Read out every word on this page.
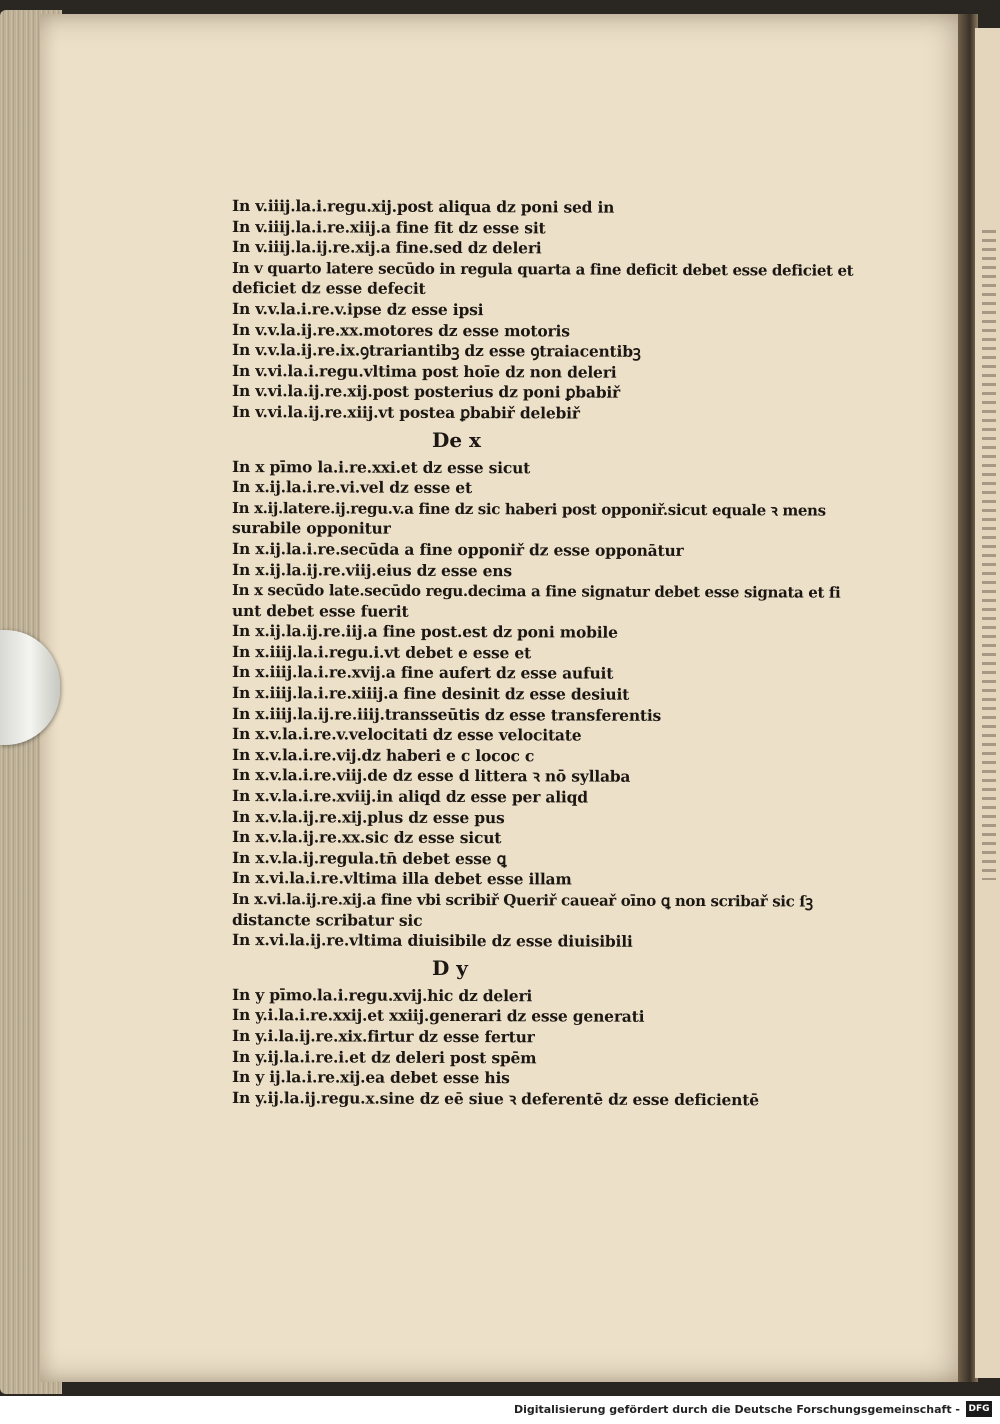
In v.iiij.la.i.regu.xij.post aliqua dz poni sed in
In v.iiij.la.i.re.xiij.a fine fit dz esse sit
In v.iiij.la.ij.re.xij.a fine.sed dz deleri
In v quarto latere secūdo in regula quarta a fine deficit debet esse deficiet et
deficiet dz esse defecit
In v.v.la.i.re.v.ipse dz esse ipsi
In v.v.la.ij.re.xx.motores dz esse motoris
In v.v.la.ij.re.ix.ꝯtrariantibꝫ dz esse ꝯtraiacentibꝫ
In v.vi.la.i.regu.vltima post hoīe dz non deleri
In v.vi.la.ij.re.xij.post posterius dz poni ꝑbabiř
In v.vi.la.ij.re.xiij.vt postea ꝑbabiř delebiř
De x
In x pīmo la.i.re.xxi.et dz esse sicut
In x.ij.la.i.re.vi.vel dz esse et
In x.ij.latere.ij.regu.v.a fine dz sic haberi post opponiř.sicut equale ꝛ mens
surabile opponitur
In x.ij.la.i.re.secūda a fine opponiř dz esse opponātur
In x.ij.la.ij.re.viij.eius dz esse ens
In x secūdo late.secūdo regu.decima a fine signatur debet esse signata et fi
unt debet esse fuerit
In x.ij.la.ij.re.iij.a fine post.est dz poni mobile
In x.iiij.la.i.regu.i.vt debet e esse et
In x.iiij.la.i.re.xvij.a fine aufert dz esse aufuit
In x.iiij.la.i.re.xiiij.a fine desinit dz esse desiuit
In x.iiij.la.ij.re.iiij.transseūtis dz esse transferentis
In x.v.la.i.re.v.velocitati dz esse velocitate
In x.v.la.i.re.vij.dz haberi e c lococ c
In x.v.la.i.re.viij.de dz esse d littera ꝛ nō syllaba
In x.v.la.i.re.xviij.in aliqd dz esse per aliqd
In x.v.la.ij.re.xij.plus dz esse pus
In x.v.la.ij.re.xx.sic dz esse sicut
In x.v.la.ij.regula.tn̄ debet esse ꝗ
In x.vi.la.i.re.vltima illa debet esse illam
In x.vi.la.ij.re.xij.a fine vbi scribiř Queriř caueař oīno ꝗ non scribař sic ſꝫ
distancte scribatur sic
In x.vi.la.ij.re.vltima diuisibile dz esse diuisibili
D y
In y pīmo.la.i.regu.xvij.hic dz deleri
In y.i.la.i.re.xxij.et xxiij.generari dz esse generati
In y.i.la.ij.re.xix.firtur dz esse fertur
In y.ij.la.i.re.i.et dz deleri post spēm
In y ij.la.i.re.xij.ea debet esse his
In y.ij.la.ij.regu.x.sine dz eē siue ꝛ deferentē dz esse deficientē
Digitalisierung gefördert durch die Deutsche Forschungsgemeinschaft - DFG
